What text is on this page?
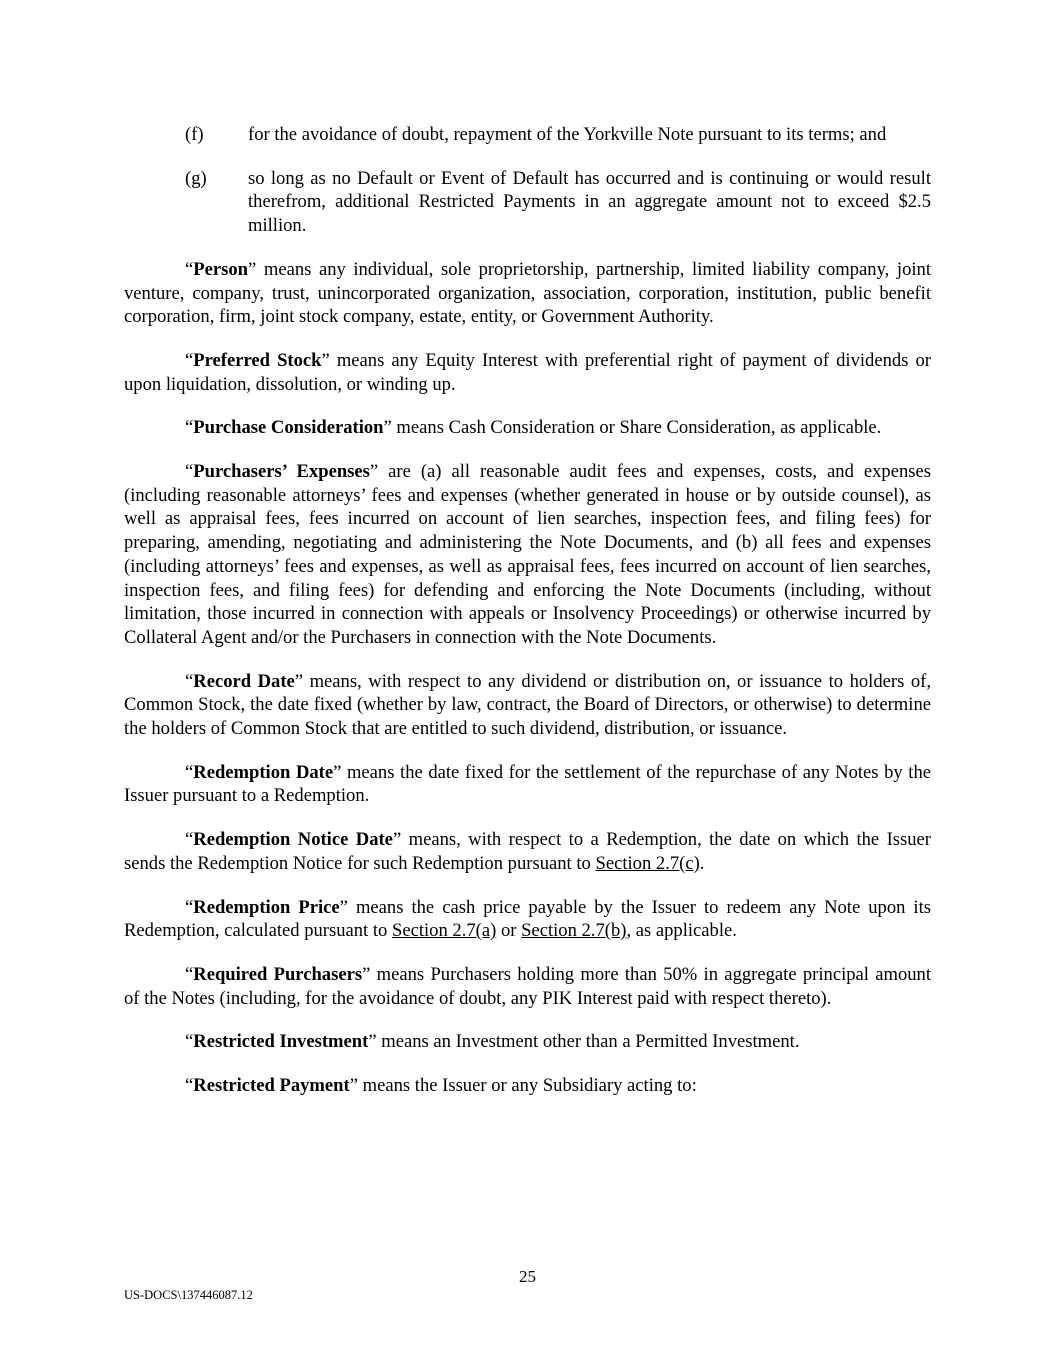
(f)	for the avoidance of doubt, repayment of the Yorkville Note pursuant to its terms; and
(g)	so long as no Default or Event of Default has occurred and is continuing or would result therefrom, additional Restricted Payments in an aggregate amount not to exceed $2.5 million.

“Person” means any individual, sole proprietorship, partnership, limited liability company, joint venture, company, trust, unincorporated organization, association, corporation, institution, public benefit corporation, firm, joint stock company, estate, entity, or Government Authority.

“Preferred Stock” means any Equity Interest with preferential right of payment of dividends or upon liquidation, dissolution, or winding up.

“Purchase Consideration” means Cash Consideration or Share Consideration, as applicable.

“Purchasers’ Expenses” are (a) all reasonable audit fees and expenses, costs, and expenses (including reasonable attorneys’ fees and expenses (whether generated in house or by outside counsel), as well as appraisal fees, fees incurred on account of lien searches, inspection fees, and filing fees) for preparing, amending, negotiating and administering the Note Documents, and (b) all fees and expenses (including attorneys’ fees and expenses, as well as appraisal fees, fees incurred on account of lien searches, inspection fees, and filing fees) for defending and enforcing the Note Documents (including, without limitation, those incurred in connection with appeals or Insolvency Proceedings) or otherwise incurred by Collateral Agent and/or the Purchasers in connection with the Note Documents.

“Record Date” means, with respect to any dividend or distribution on, or issuance to holders of, Common Stock, the date fixed (whether by law, contract, the Board of Directors, or otherwise) to determine the holders of Common Stock that are entitled to such dividend, distribution, or issuance.

“Redemption Date” means the date fixed for the settlement of the repurchase of any Notes by the Issuer pursuant to a Redemption.

“Redemption Notice Date” means, with respect to a Redemption, the date on which the Issuer sends the Redemption Notice for such Redemption pursuant to Section 2.7(c).

“Redemption Price” means the cash price payable by the Issuer to redeem any Note upon its Redemption, calculated pursuant to Section 2.7(a) or Section 2.7(b), as applicable.

“Required Purchasers” means Purchasers holding more than 50% in aggregate principal amount of the Notes (including, for the avoidance of doubt, any PIK Interest paid with respect thereto).

“Restricted Investment” means an Investment other than a Permitted Investment.

“Restricted Payment” means the Issuer or any Subsidiary acting to:

25
US-DOCS\137446087.12
